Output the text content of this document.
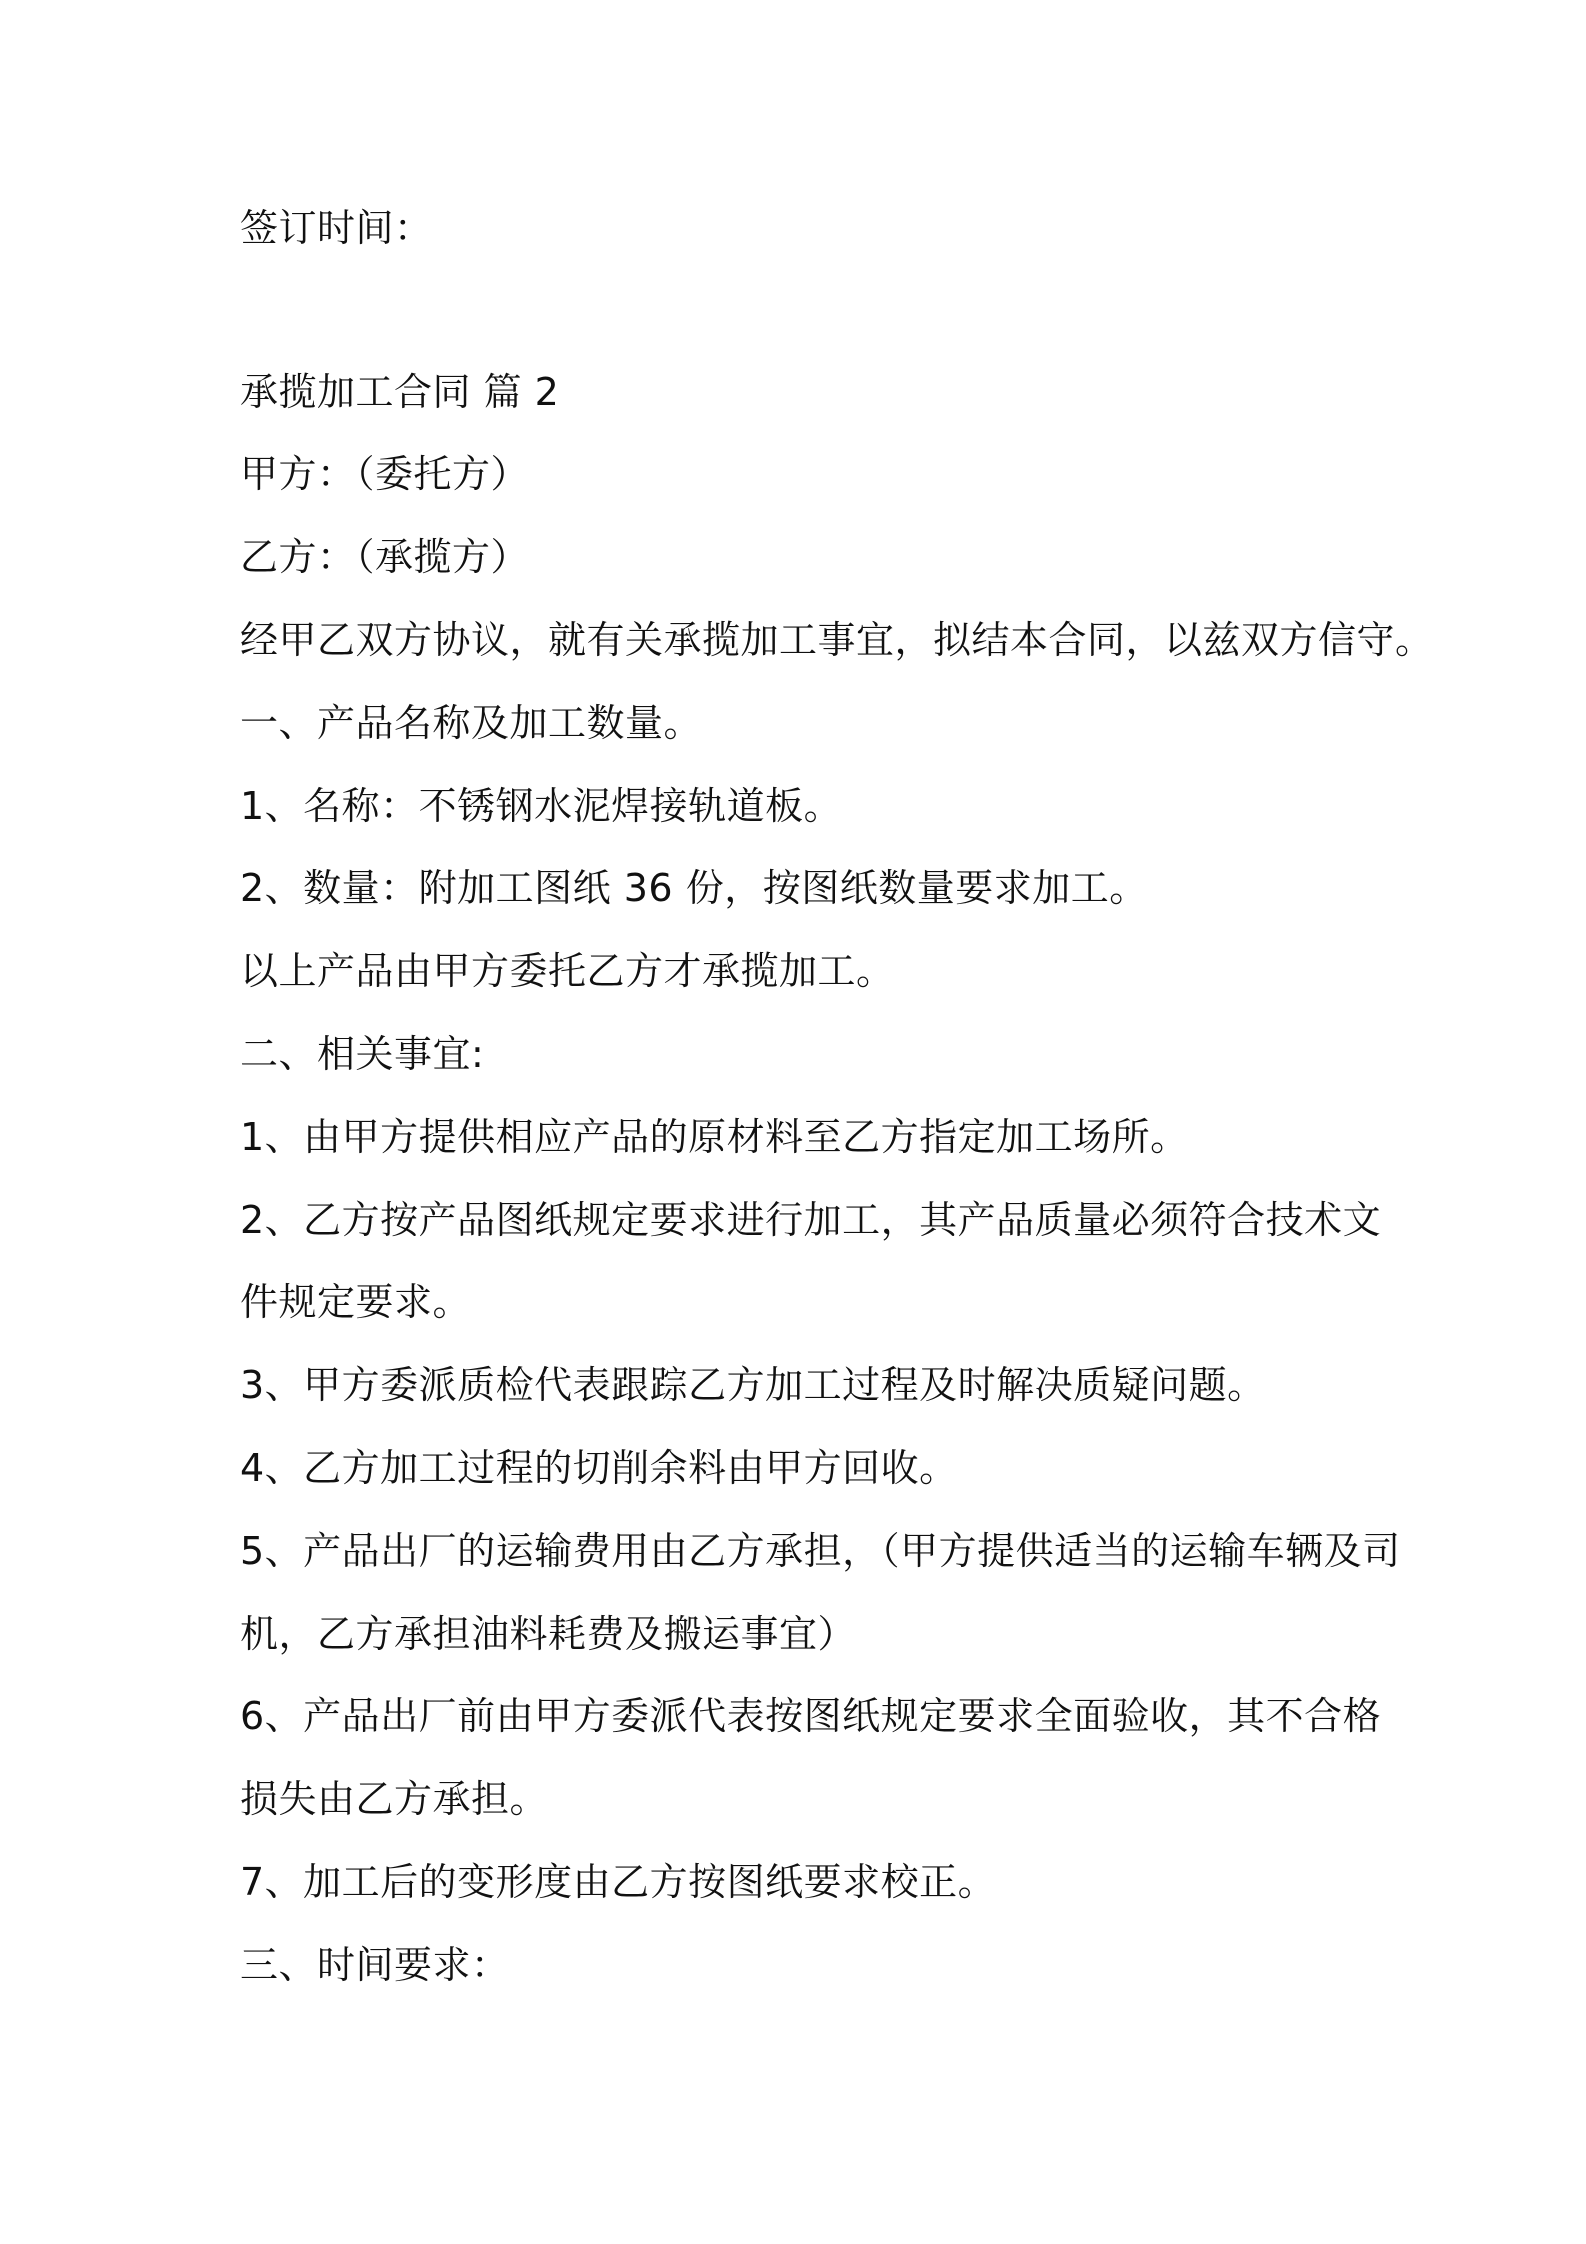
签订时间：
承揽加工合同 篇 2
甲方：（委托方）
乙方：（承揽方）
经甲乙双方协议，就有关承揽加工事宜，拟结本合同，以兹双方信守。
一、产品名称及加工数量。
1、名称：不锈钢水泥焊接轨道板。
2、数量：附加工图纸 36 份，按图纸数量要求加工。
以上产品由甲方委托乙方才承揽加工。
二、相关事宜:
1、由甲方提供相应产品的原材料至乙方指定加工场所。
2、乙方按产品图纸规定要求进行加工，其产品质量必须符合技术文
件规定要求。
3、甲方委派质检代表跟踪乙方加工过程及时解决质疑问题。
4、乙方加工过程的切削余料由甲方回收。
5、产品出厂的运输费用由乙方承担，（甲方提供适当的运输车辆及司
机，乙方承担油料耗费及搬运事宜）
6、产品出厂前由甲方委派代表按图纸规定要求全面验收，其不合格
损失由乙方承担。
7、加工后的变形度由乙方按图纸要求校正。
三、时间要求：
